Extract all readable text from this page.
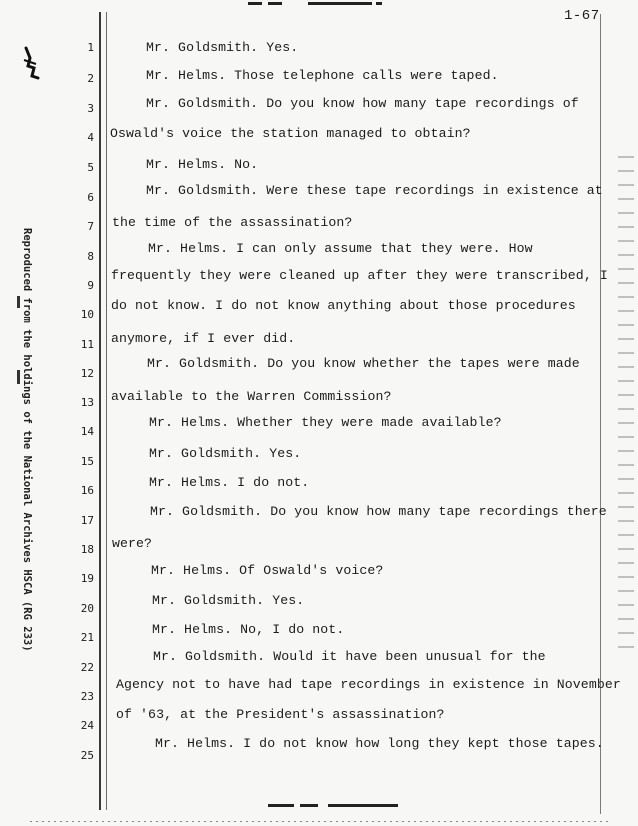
1-67
Reproduced from the holdings of the National Archives HSCA (RG 233)
1
2
3
4
5
6
7
8
9
10
11
12
13
14
15
16
17
18
19
20
21
22
23
24
25
Mr. Goldsmith. Yes.
Mr. Helms. Those telephone calls were taped.
Mr. Goldsmith. Do you know how many tape recordings of
Oswald's voice the station managed to obtain?
Mr. Helms. No.
Mr. Goldsmith. Were these tape recordings in existence at
the time of the assassination?
Mr. Helms. I can only assume that they were. How
frequently they were cleaned up after they were transcribed, I
do not know. I do not know anything about those procedures
anymore, if I ever did.
Mr. Goldsmith. Do you know whether the tapes were made
available to the Warren Commission?
Mr. Helms. Whether they were made available?
Mr. Goldsmith. Yes.
Mr. Helms. I do not.
Mr. Goldsmith. Do you know how many tape recordings there
were?
Mr. Helms. Of Oswald's voice?
Mr. Goldsmith. Yes.
Mr. Helms. No, I do not.
Mr. Goldsmith. Would it have been unusual for the
Agency not to have had tape recordings in existence in November
of '63, at the President's assassination?
Mr. Helms. I do not know how long they kept those tapes.
